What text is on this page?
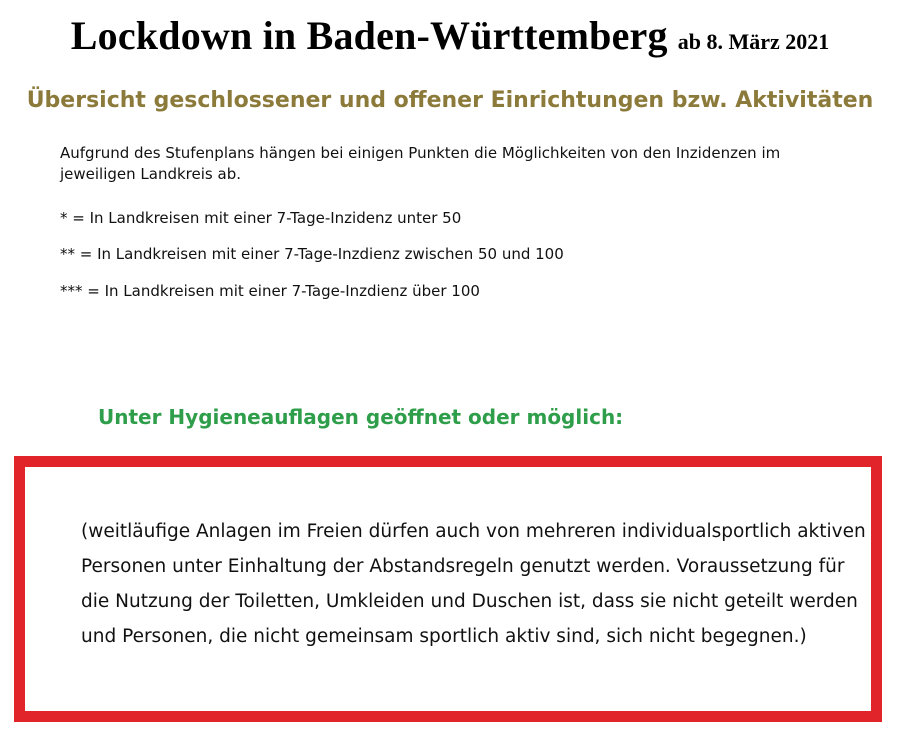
Lockdown in Baden-Württemberg ab 8. März 2021
Übersicht geschlossener und offener Einrichtungen bzw. Aktivitäten

Aufgrund des Stufenplans hängen bei einigen Punkten die Möglichkeiten von den Inzidenzen im jeweiligen Landkreis ab.

* = In Landkreisen mit einer 7-Tage-Inzidenz unter 50

** = In Landkreisen mit einer 7-Tage-Inzdienz zwischen 50 und 100

*** = In Landkreisen mit einer 7-Tage-Inzdienz über 100

Unter Hygieneauflagen geöffnet oder möglich:

(weitläufige Anlagen im Freien dürfen auch von mehreren individualsportlich aktiven Personen unter Einhaltung der Abstandsregeln genutzt werden. Voraussetzung für die Nutzung der Toiletten, Umkleiden und Duschen ist, dass sie nicht geteilt werden und Personen, die nicht gemeinsam sportlich aktiv sind, sich nicht begegnen.)
